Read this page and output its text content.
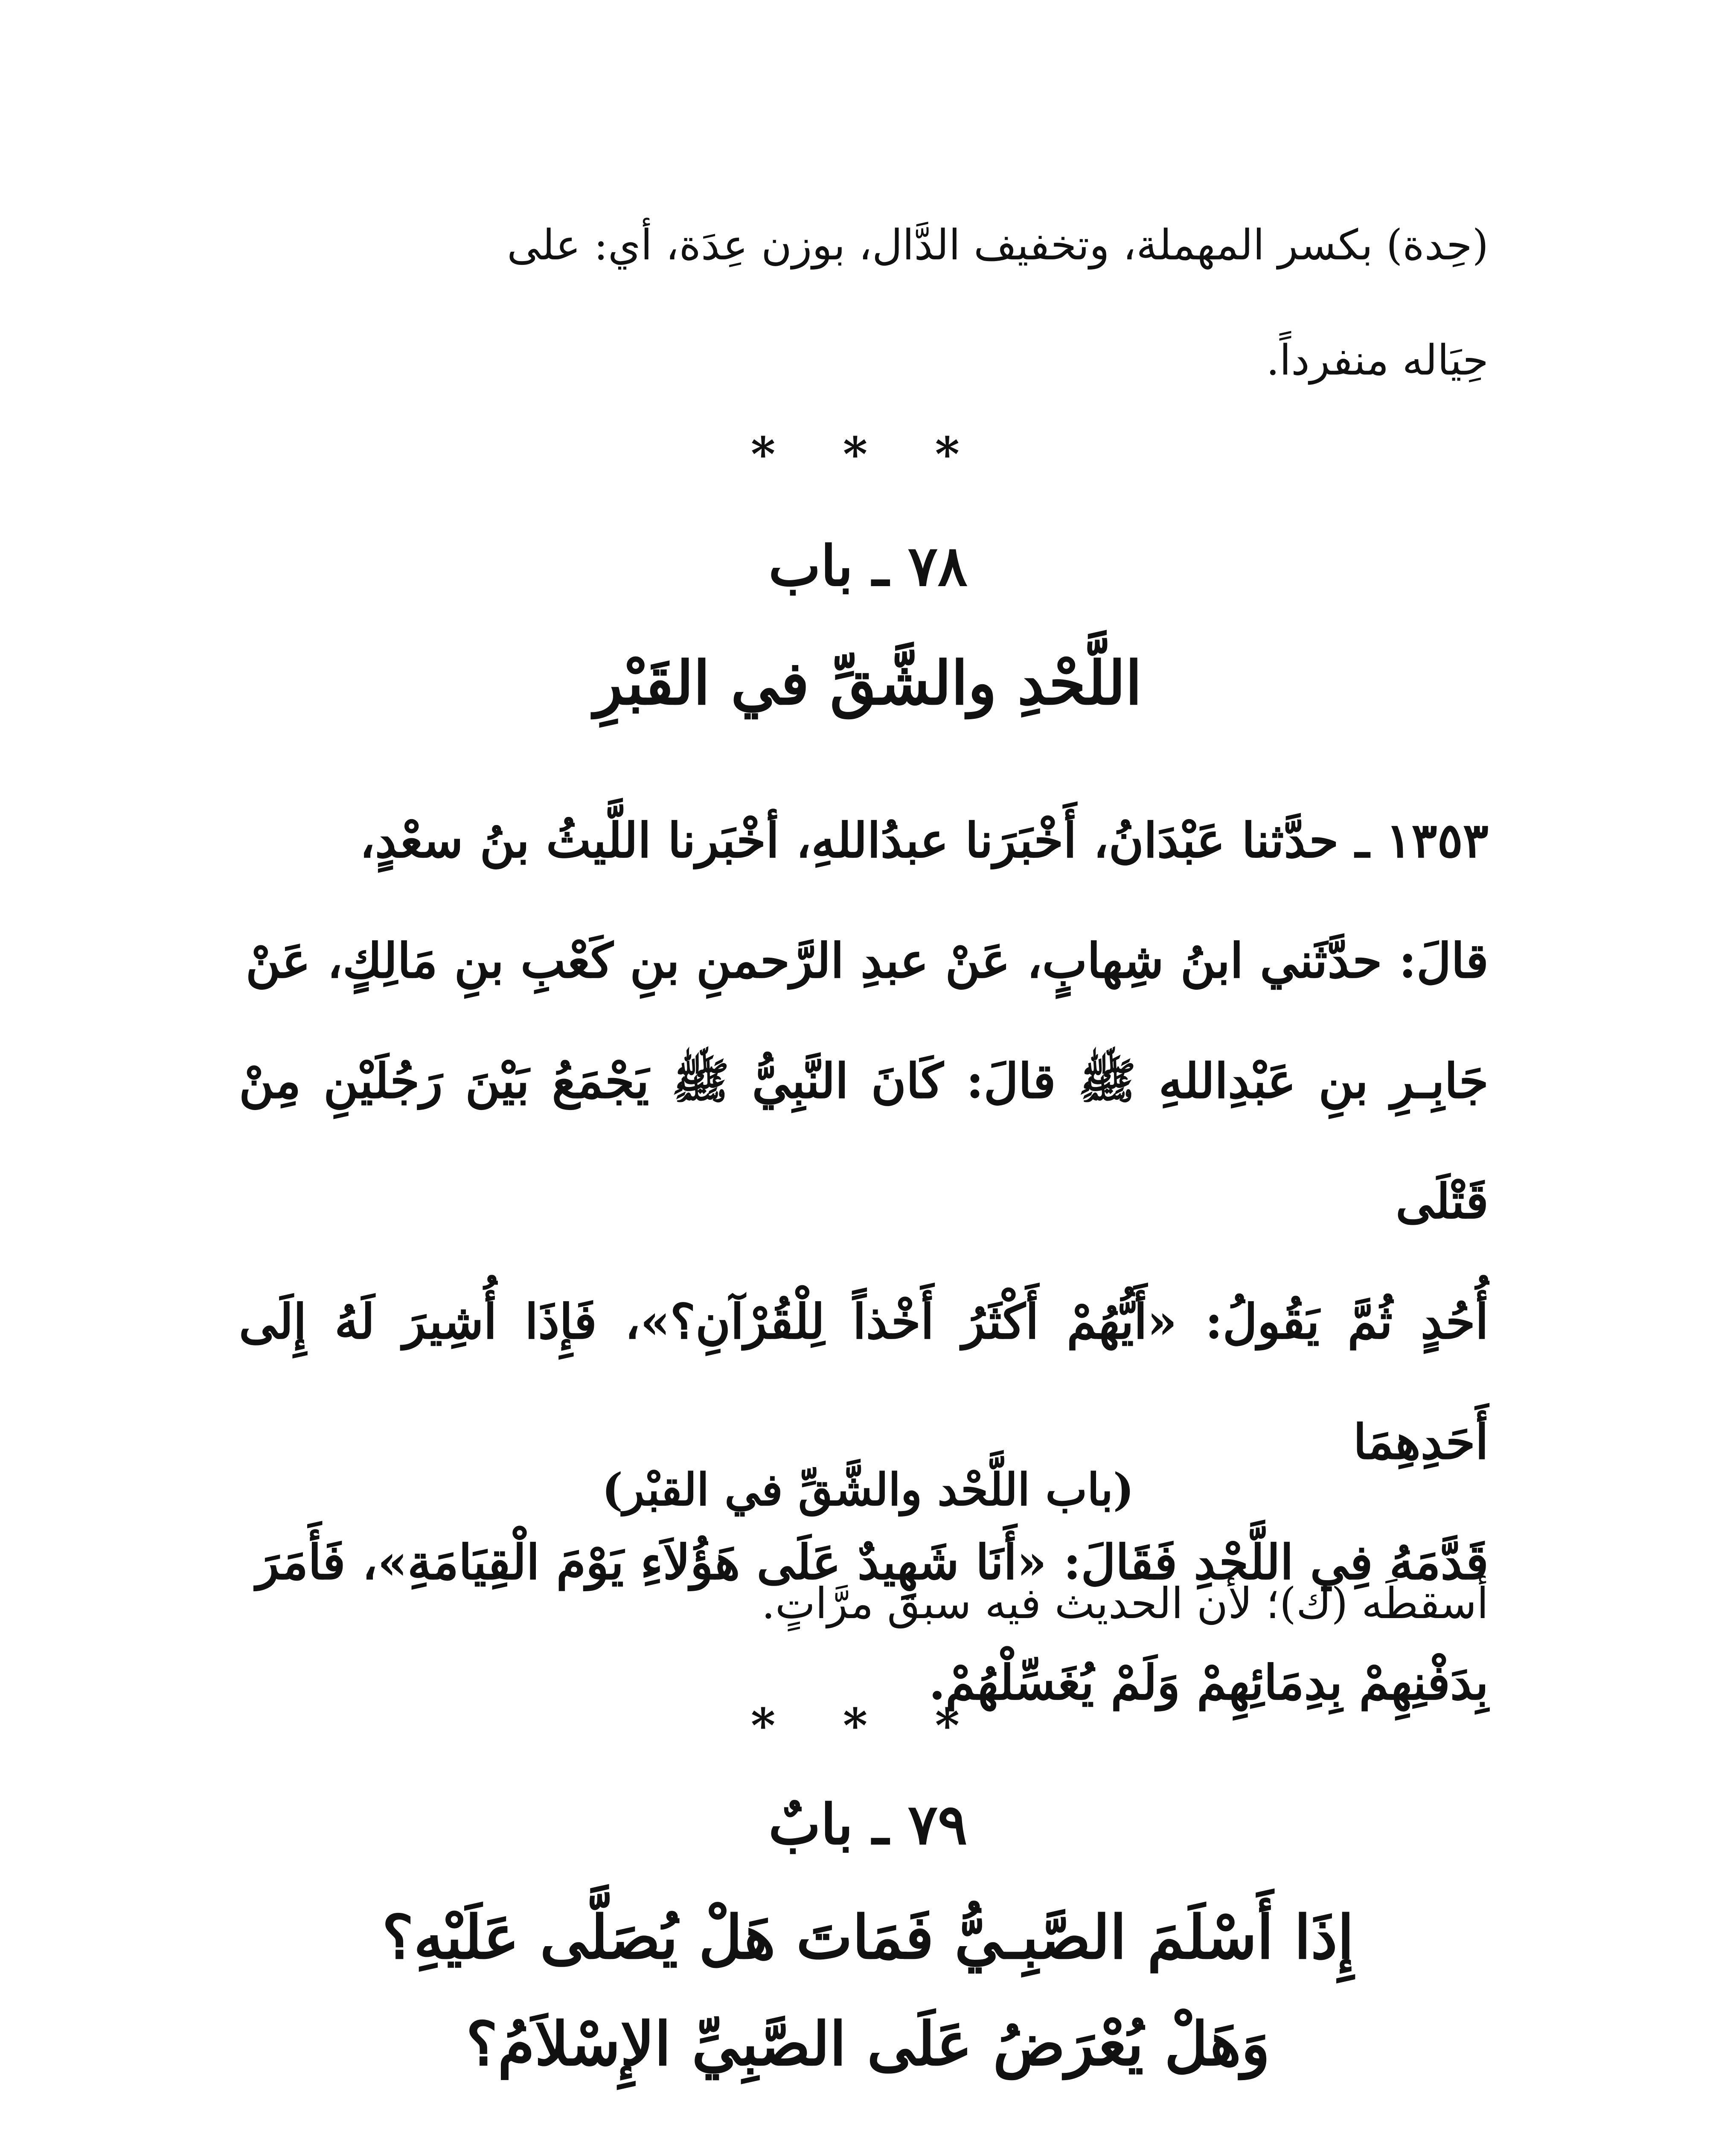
(حِدة) بكسر المهملة، وتخفيف الدَّال، بوزن عِدَة، أي: على
حِيَاله منفرداً.
* * *
٧٨ ـ باب
اللَّحْدِ والشَّقِّ في القَبْرِ
١٣٥٣ ـ حدَّثنا عَبْدَانُ، أَخْبَرَنا عبدُاللهِ، أخْبَرنا اللَّيثُ بنُ سعْدٍ،
قالَ: حدَّثَني ابنُ شِهابٍ، عَنْ عبدِ الرَّحمنِ بنِ كَعْبِ بنِ مَالِكٍ، عَنْ
جَابِـرِ بنِ عَبْدِاللهِ ﷺ قالَ: كَانَ النَّبِيُّ ﷺ يَجْمَعُ بَيْنَ رَجُلَيْنِ مِنْ قَتْلَى
أُحُدٍ ثُمَّ يَقُولُ: «أَيُّهُمْ أَكْثَرُ أَخْذاً لِلْقُرْآنِ؟»، فَإِذَا أُشِيرَ لَهُ إِلَى أَحَدِهِمَا
قَدَّمَهُ فِي اللَّحْدِ فَقَالَ: «أَنَا شَهِيدٌ عَلَى هَؤُلاَءِ يَوْمَ الْقِيَامَةِ»، فَأَمَرَ
بِدَفْنِهِمْ بِدِمَائِهِمْ وَلَمْ يُغَسِّلْهُمْ.
(باب اللَّحْد والشَّقِّ في القبْر)
أسقطَه (ك)؛ لأن الحديث فيه سبق مرَّاتٍ.
* * *
٧٩ ـ بابٌ
إِذَا أَسْلَمَ الصَّبِـيُّ فَمَاتَ هَلْ يُصَلَّى عَلَيْهِ؟
وَهَلْ يُعْرَضُ عَلَى الصَّبِيِّ الإِسْلاَمُ؟
